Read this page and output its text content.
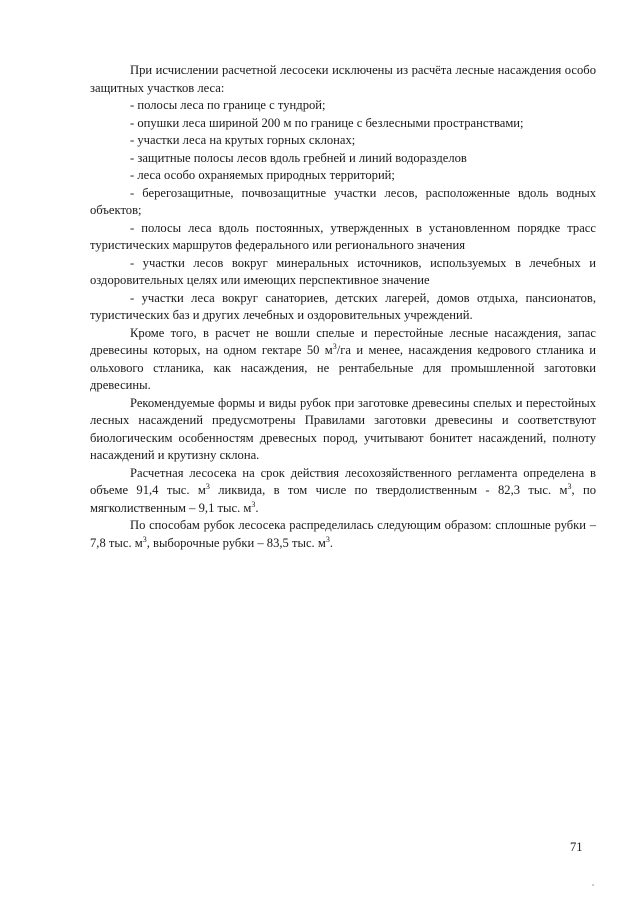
При исчислении расчетной лесосеки исключены из расчёта лесные насаждения особо защитных участков леса:

- полосы леса по границе с тундрой;

- опушки леса шириной 200 м по границе с безлесными пространствами;

- участки леса на крутых горных склонах;

- защитные полосы лесов вдоль гребней и линий водоразделов

- леса особо охраняемых природных территорий;

- берегозащитные, почвозащитные участки лесов, расположенные вдоль водных объектов;

- полосы леса вдоль постоянных, утвержденных в установленном порядке трасс туристических маршрутов федерального или регионального значения

- участки лесов вокруг минеральных источников, используемых в лечебных и оздоровительных целях или имеющих перспективное значение

- участки леса вокруг санаториев, детских лагерей, домов отдыха, пансионатов, туристических баз и других лечебных и оздоровительных учреждений.

Кроме того, в расчет не вошли спелые и перестойные лесные насаждения, запас древесины которых, на одном гектаре 50 $м^3/га$ и менее, насаждения кедрового стланика и ольхового стланика, как насаждения, не рентабельные для промышленной заготовки древесины.

Рекомендуемые формы и виды рубок при заготовке древесины спелых и перестойных лесных насаждений предусмотрены Правилами заготовки древесины и соответствуют биологическим особенностям древесных пород, учитывают бонитет насаждений, полноту насаждений и крутизну склона.

Расчетная лесосека на срок действия лесохозяйственного регламента определена в объеме 91,4 тыс. $м^3$ ликвида, в том числе по твердолиственным - 82,3 тыс. $м^3$, по мягколиственным – 9,1 тыс. $м^3$.

По способам рубок лесосека распределилась следующим образом: сплошные рубки – 7,8 тыс. $м^3$, выборочные рубки – 83,5 тыс. $м^3$.

71
